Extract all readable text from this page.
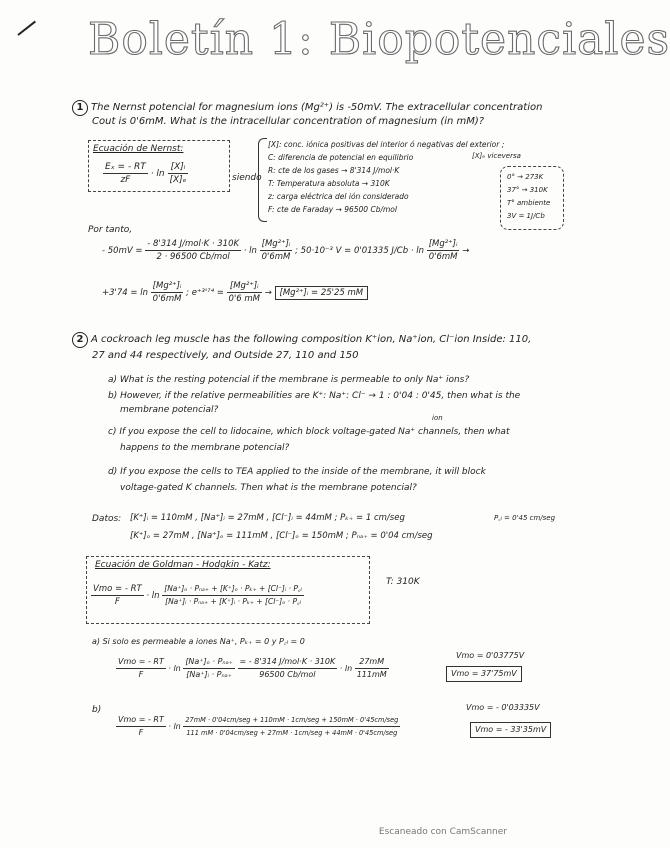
Boletín 1: Biopotenciales
1 The Nernst potencial for magnesium ions (Mg²⁺) is -50mV. The extracellular concentration
Cout is 0'6mM. What is the intracellular concentration of magnesium (in mM)?
Ecuación de Nernst:
$\frac{\text{Eₓ = - RT}}{zF} \cdot \ln \frac{\text{[X]ᵢ}}{\text{[X]ₑ}}$	siendo
[X]: conc. iónica positivas del interior ó negativas del exterior ;
C: diferencia de potencial en equilibrio
R: cte de los gases → 8'314 J/mol·K
T: Temperatura absoluta → 310K
z: carga eléctrica del ión considerado
F: cte de Faraday → 96500 Cb/mol
[X]ₑ viceversa
0° → 273K
37° → 310K
T° ambiente
3V = 1J/Cb
Por tanto,
- $50mV = \frac{\text{- 8'314 J/mol·K · 310K}}{\text{2 · 96500 Cb/mol}} \cdot \ln \frac{\text{[Mg²⁺]ᵢ}}{0'6mM}$ ; 50·10⁻³ V = 0'01335 $J/Cb \cdot \ln \frac{\text{[Mg²⁺]ᵢ}}{0'6mM}$ →
$+3'74 = \ln \frac{\text{[Mg²⁺]ᵢ}}{0'6mM}$ ; $e^{+3}'^{74} = \frac{\text{[Mg²⁺]ᵢ}}{0'6 mM}$ → [Mg²⁺]ᵢ = 25'25 mM
2 A cockroach leg muscle has the following composition K⁺ion, Na⁺ion, Cl⁻ion Inside: 110,
27 and 44 respectively, and Outside 27, 110 and 150
a) What is the resting potencial if the membrane is permeable to only Na⁺ ions?
b) However, if the relative permeabilities are K⁺: Na⁺: Cl⁻ → 1 : 0'04 : 0'45, then what is the
membrane potencial?
ion
c) If you expose the cell to lidocaine, which block voltage-gated Na⁺ channels, then what
happens to the membrane potencial?
d) If you expose the cells to TEA applied to the inside of the membrane, it will block
voltage-gated K channels. Then what is the membrane potencial?
Datos: [K⁺]ᵢ = 110mM , [Na⁺]ᵢ = 27mM , [Cl⁻]ᵢ = 44mM ; Pₖ₊ = 1 cm/seg	P꜀ₗ = 0'45 cm/seg
[K⁺]ₒ = 27mM , [Na⁺]ₒ = 111mM , [Cl⁻]ₒ = 150mM ; Pₙₐ₊ = 0'04 cm/seg
Ecuación de Goldman - Hodgkin - Katz:
$\frac{\text{Vmo = - RT}}{F} \cdot \ln \frac{\text{[Na⁺]ₒ · Pₙₐ₊ + [K⁺]ₒ · Pₖ₊ + [Cl⁻]ᵢ · P꜀ₗ}}{\text{[Na⁺]ᵢ · Pₙₐ₊ + [K⁺]ᵢ · Pₖ₊ + [Cl⁻]ₒ · P꜀ₗ}}$
T: 310K
a) Si solo es permeable a iones Na⁺, Pₖ₊ = 0 y P꜀ₗ = 0
$\frac{\text{Vmo = - RT}}{F} \cdot \ln \frac{\text{[Na⁺]ₒ · Pₙₐ₊}}{\text{[Na⁺]ᵢ · Pₙₐ₊}}$
$\frac{\text{= - 8'314 J/mol·K · 310K}}{\text{96500 Cb/mol}} \cdot \ln \frac{27mM}{111mM}$
Vmo = 0'03775V
Vmo = 37'75mV
b)
$\frac{\text{Vmo = - RT}}{F} \cdot \ln \frac{\text{27mM · 0'04cm/seg + 110mM · 1cm/seg + 150mM · 0'45cm/seg}}{\text{111 mM · 0'04cm/seg + 27mM · 1cm/seg + 44mM · 0'45cm/seg}}$
Vmo = - 0'03335V
Vmo = - 33'35mV
Escaneado con CamScanner
